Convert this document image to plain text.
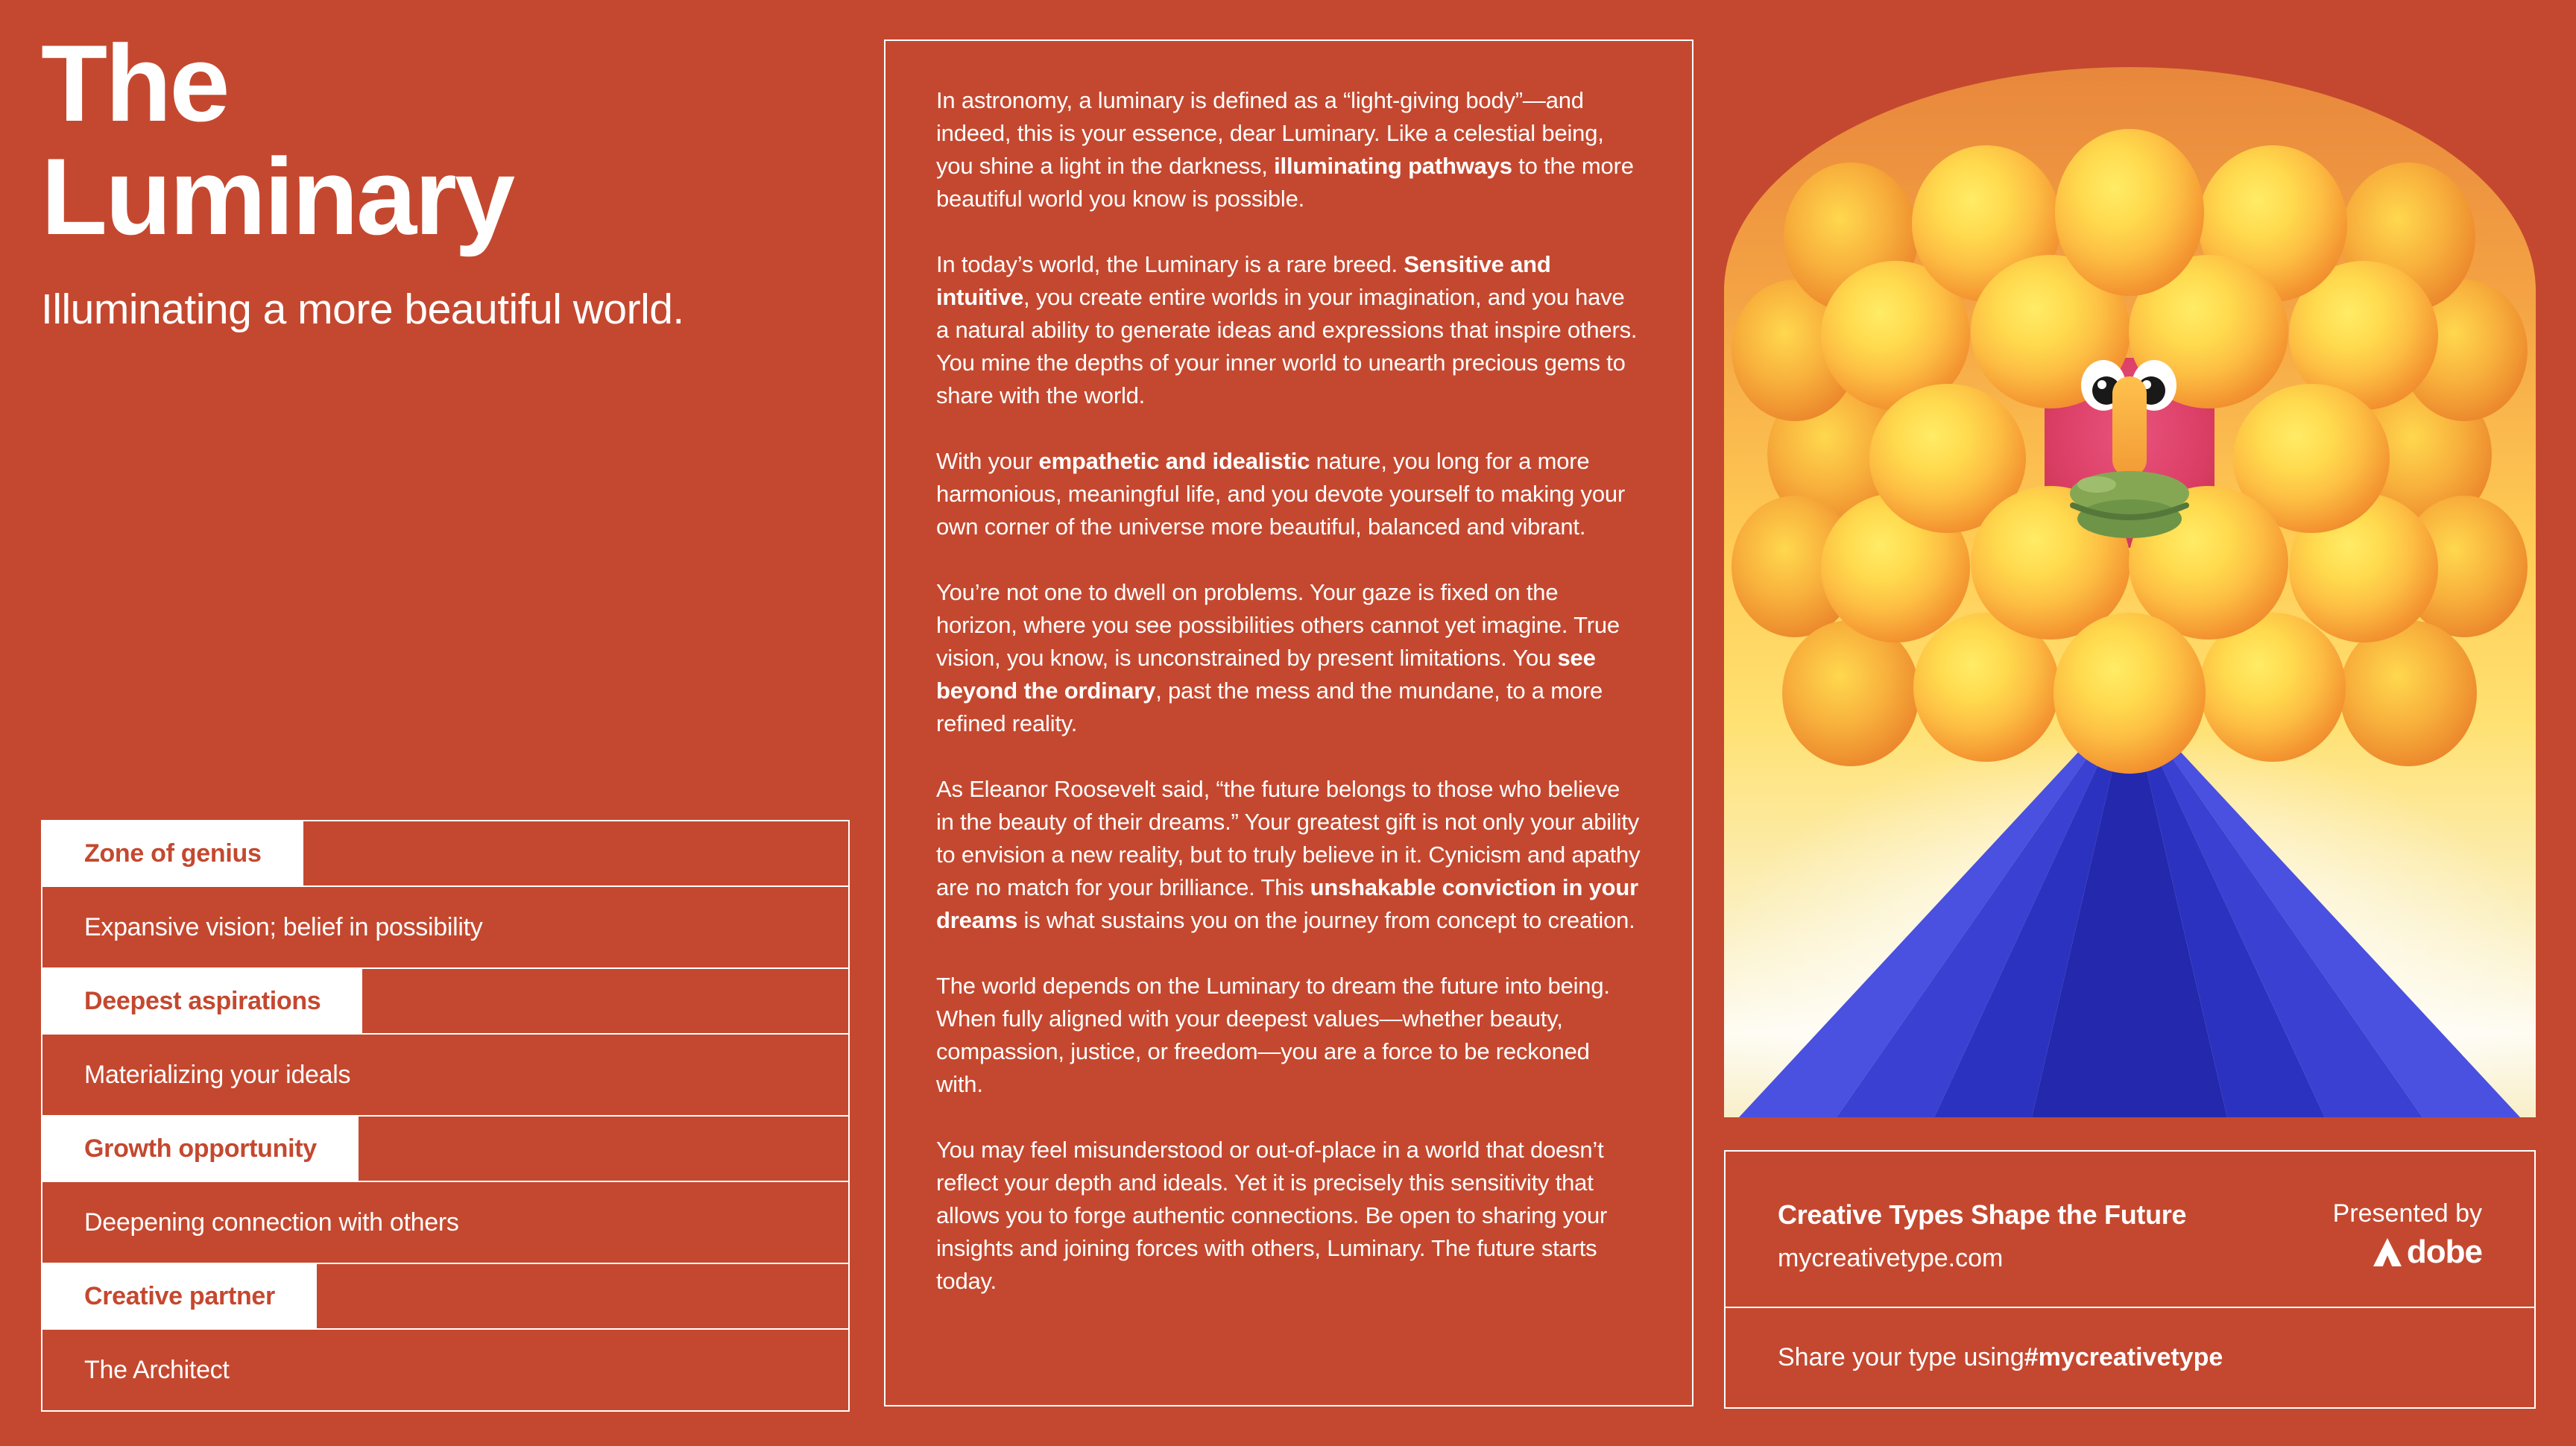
The
Luminary

Illuminating a more beautiful world.

Zone of genius
Expansive vision; belief in possibility
Deepest aspirations
Materializing your ideals
Growth opportunity
Deepening connection with others
Creative partner
The Architect

In astronomy, a luminary is defined as a “light-giving body”—and indeed, this is your essence, dear Luminary. Like a celestial being, you shine a light in the darkness, illuminating pathways to the more beautiful world you know is possible.

In today’s world, the Luminary is a rare breed. Sensitive and intuitive, you create entire worlds in your imagination, and you have a natural ability to generate ideas and expressions that inspire others. You mine the depths of your inner world to unearth precious gems to share with the world.

With your empathetic and idealistic nature, you long for a more harmonious, meaningful life, and you devote yourself to making your own corner of the universe more beautiful, balanced and vibrant.

You’re not one to dwell on problems. Your gaze is fixed on the horizon, where you see possibilities others cannot yet imagine. True vision, you know, is unconstrained by present limitations. You see beyond the ordinary, past the mess and the mundane, to a more refined reality.

As Eleanor Roosevelt said, “the future belongs to those who believe in the beauty of their dreams.” Your greatest gift is not only your ability to envision a new reality, but to truly believe in it. Cynicism and apathy are no match for your brilliance. This unshakable conviction in your dreams is what sustains you on the journey from concept to creation.

The world depends on the Luminary to dream the future into being. When fully aligned with your deepest values—whether beauty, compassion, justice, or freedom—you are a force to be reckoned with.

You may feel misunderstood or out-of-place in a world that doesn’t reflect your depth and ideals. Yet it is precisely this sensitivity that allows you to forge authentic connections. Be open to sharing your insights and joining forces with others, Luminary. The future starts today.

Creative Types Shape the Future
mycreativetype.com
Presented by
dobe
Share your type using #mycreativetype
